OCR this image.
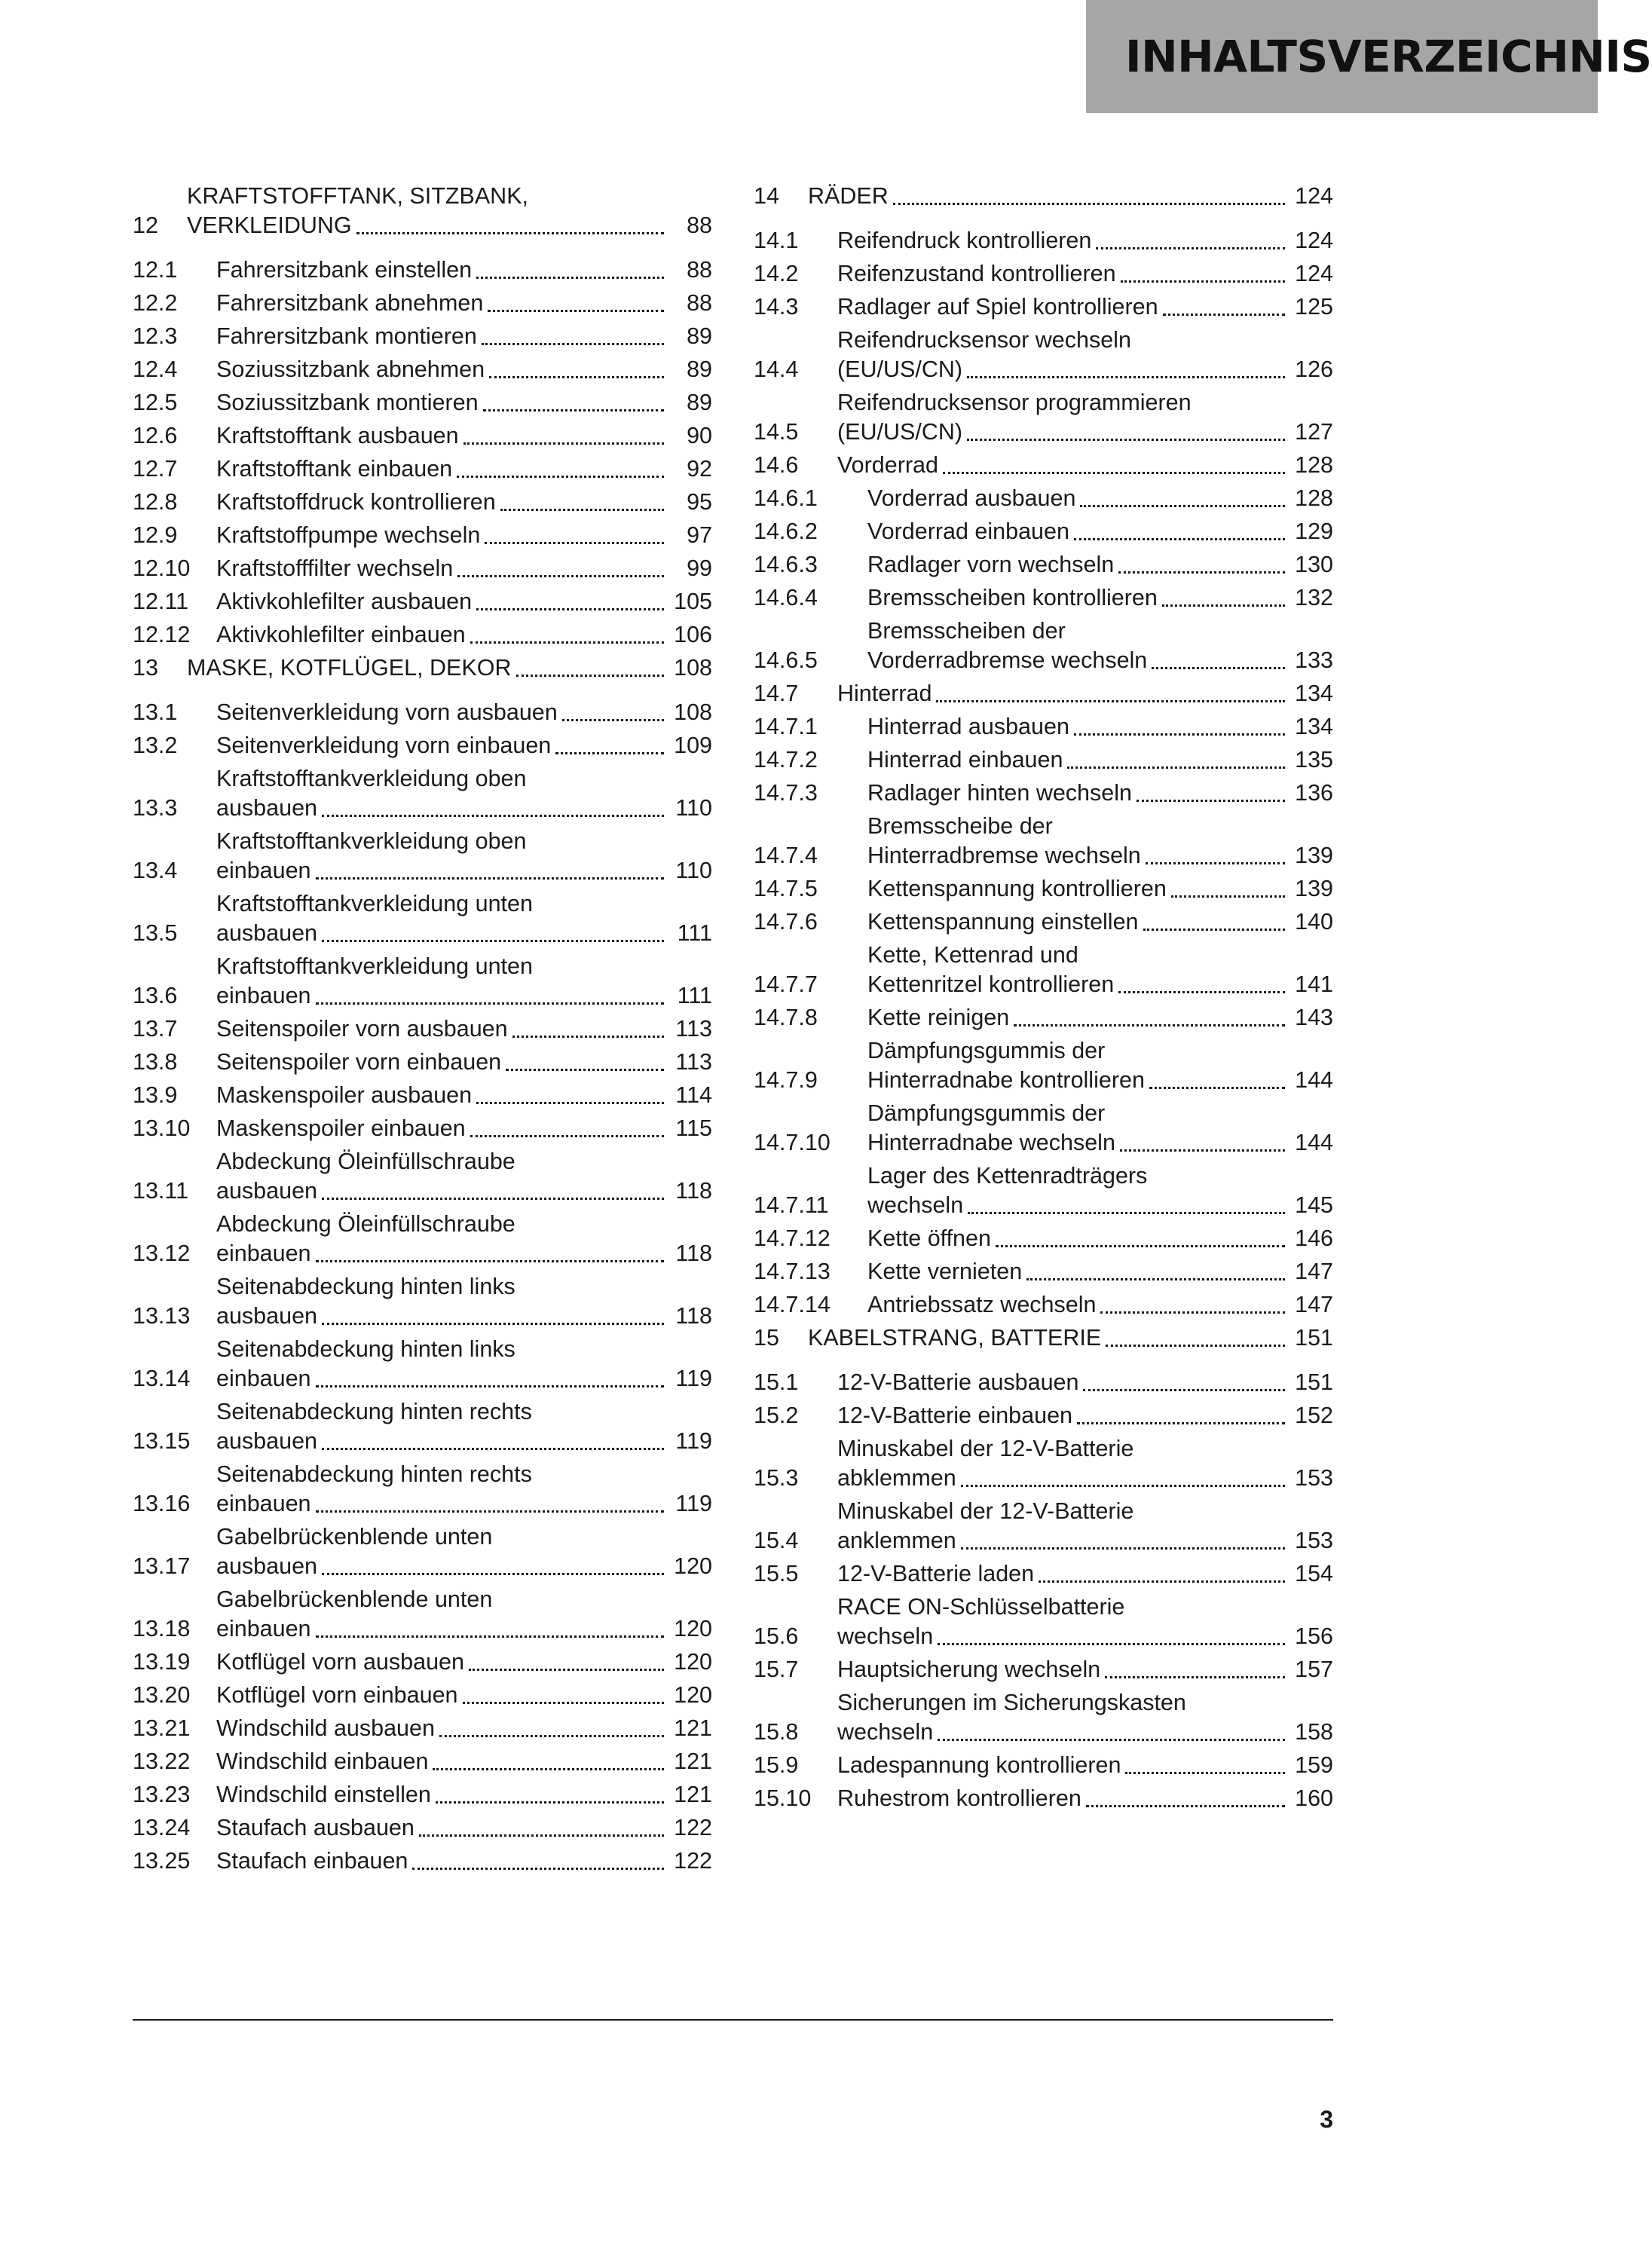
INHALTSVERZEICHNIS
12
KRAFTSTOFFTANK, SITZBANK,
VERKLEIDUNG	88
12.1	Fahrersitzbank einstellen	88
12.2	Fahrersitzbank abnehmen	88
12.3	Fahrersitzbank montieren	89
12.4	Soziussitzbank abnehmen	89
12.5	Soziussitzbank montieren	89
12.6	Kraftstofftank ausbauen	90
12.7	Kraftstofftank einbauen	92
12.8	Kraftstoffdruck kontrollieren	95
12.9	Kraftstoffpumpe wechseln	97
12.10	Kraftstofffilter wechseln	99
12.11	Aktivkohlefilter ausbauen	105
12.12	Aktivkohlefilter einbauen	106
13	MASKE, KOTFLÜGEL, DEKOR	108
13.1	Seitenverkleidung vorn ausbauen	108
13.2	Seitenverkleidung vorn einbauen	109
13.3
Kraftstofftankverkleidung oben
ausbauen	110
13.4
Kraftstofftankverkleidung oben
einbauen	110
13.5
Kraftstofftankverkleidung unten
ausbauen	111
13.6
Kraftstofftankverkleidung unten
einbauen	111
13.7	Seitenspoiler vorn ausbauen	113
13.8	Seitenspoiler vorn einbauen	113
13.9	Maskenspoiler ausbauen	114
13.10	Maskenspoiler einbauen	115
13.11
Abdeckung Öleinfüllschraube
ausbauen	118
13.12
Abdeckung Öleinfüllschraube
einbauen	118
13.13
Seitenabdeckung hinten links
ausbauen	118
13.14
Seitenabdeckung hinten links
einbauen	119
13.15
Seitenabdeckung hinten rechts
ausbauen	119
13.16
Seitenabdeckung hinten rechts
einbauen	119
13.17
Gabelbrückenblende unten
ausbauen	120
13.18
Gabelbrückenblende unten
einbauen	120
13.19	Kotflügel vorn ausbauen	120
13.20	Kotflügel vorn einbauen	120
13.21	Windschild ausbauen	121
13.22	Windschild einbauen	121
13.23	Windschild einstellen	121
13.24	Staufach ausbauen	122
13.25	Staufach einbauen	122
14	RÄDER	124
14.1	Reifendruck kontrollieren	124
14.2	Reifenzustand kontrollieren	124
14.3	Radlager auf Spiel kontrollieren	125
14.4
Reifendrucksensor wechseln
(EU/US/CN)	126
14.5
Reifendrucksensor programmieren
(EU/US/CN)	127
14.6	Vorderrad	128
14.6.1	Vorderrad ausbauen	128
14.6.2	Vorderrad einbauen	129
14.6.3	Radlager vorn wechseln	130
14.6.4	Bremsscheiben kontrollieren	132
14.6.5
Bremsscheiben der
Vorderradbremse wechseln	133
14.7	Hinterrad	134
14.7.1	Hinterrad ausbauen	134
14.7.2	Hinterrad einbauen	135
14.7.3	Radlager hinten wechseln	136
14.7.4
Bremsscheibe der
Hinterradbremse wechseln	139
14.7.5	Kettenspannung kontrollieren	139
14.7.6	Kettenspannung einstellen	140
14.7.7
Kette, Kettenrad und
Kettenritzel kontrollieren	141
14.7.8	Kette reinigen	143
14.7.9
Dämpfungsgummis der
Hinterradnabe kontrollieren	144
14.7.10
Dämpfungsgummis der
Hinterradnabe wechseln	144
14.7.11
Lager des Kettenradträgers
wechseln	145
14.7.12	Kette öffnen	146
14.7.13	Kette vernieten	147
14.7.14	Antriebssatz wechseln	147
15	KABELSTRANG, BATTERIE	151
15.1	12-V-Batterie ausbauen	151
15.2	12-V-Batterie einbauen	152
15.3
Minuskabel der 12-V-Batterie
abklemmen	153
15.4
Minuskabel der 12-V-Batterie
anklemmen	153
15.5	12-V-Batterie laden	154
15.6
RACE ON-Schlüsselbatterie
wechseln	156
15.7	Hauptsicherung wechseln	157
15.8
Sicherungen im Sicherungskasten
wechseln	158
15.9	Ladespannung kontrollieren	159
15.10	Ruhestrom kontrollieren	160
3
